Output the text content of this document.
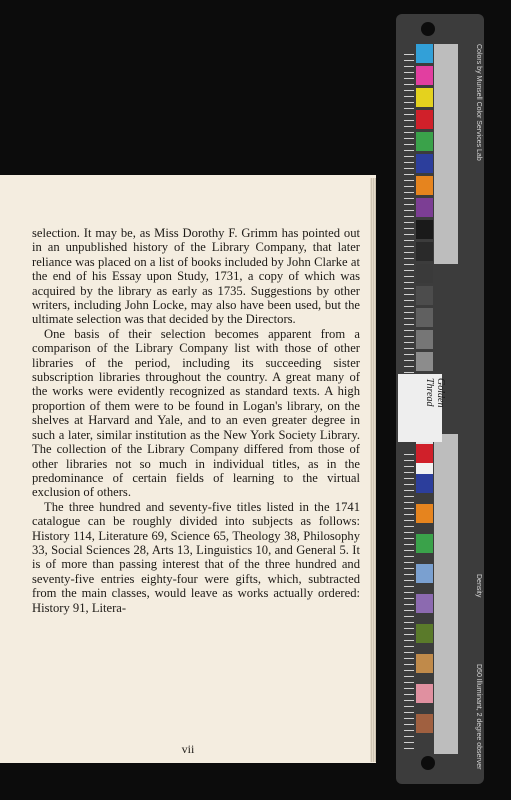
selection. It may be, as Miss Dorothy F. Grimm has pointed out in an unpublished history of the Library Company, that later reliance was placed on a list of books included by John Clarke at the end of his Essay upon Study, 1731, a copy of which was acquired by the library as early as 1735. Suggestions by other writers, including John Locke, may also have been used, but the ultimate selection was that decided by the Directors.

One basis of their selection becomes apparent from a comparison of the Library Company list with those of other libraries of the period, including its succeeding sister subscription libraries throughout the country. A great many of the works were evidently recognized as standard texts. A high proportion of them were to be found in Logan's library, on the shelves at Harvard and Yale, and to an even greater degree in such a later, similar institution as the New York Society Library. The collection of the Library Company differed from those of other libraries not so much in individual titles, as in the predominance of certain fields of learning to the virtual exclusion of others.

The three hundred and seventy-five titles listed in the 1741 catalogue can be roughly divided into subjects as follows: History 114, Literature 69, Science 65, Theology 38, Philosophy 33, Social Sciences 28, Arts 13, Linguistics 10, and General 5. It is of more than passing interest that of the three hundred and seventy-five entries eighty-four were gifts, which, subtracted from the main classes, would leave as works actually ordered: History 91, Litera-

vii
Colors by Munsell Color Services Lab
Density
D50 Illuminant, 2 degree observer
Golden Thread
